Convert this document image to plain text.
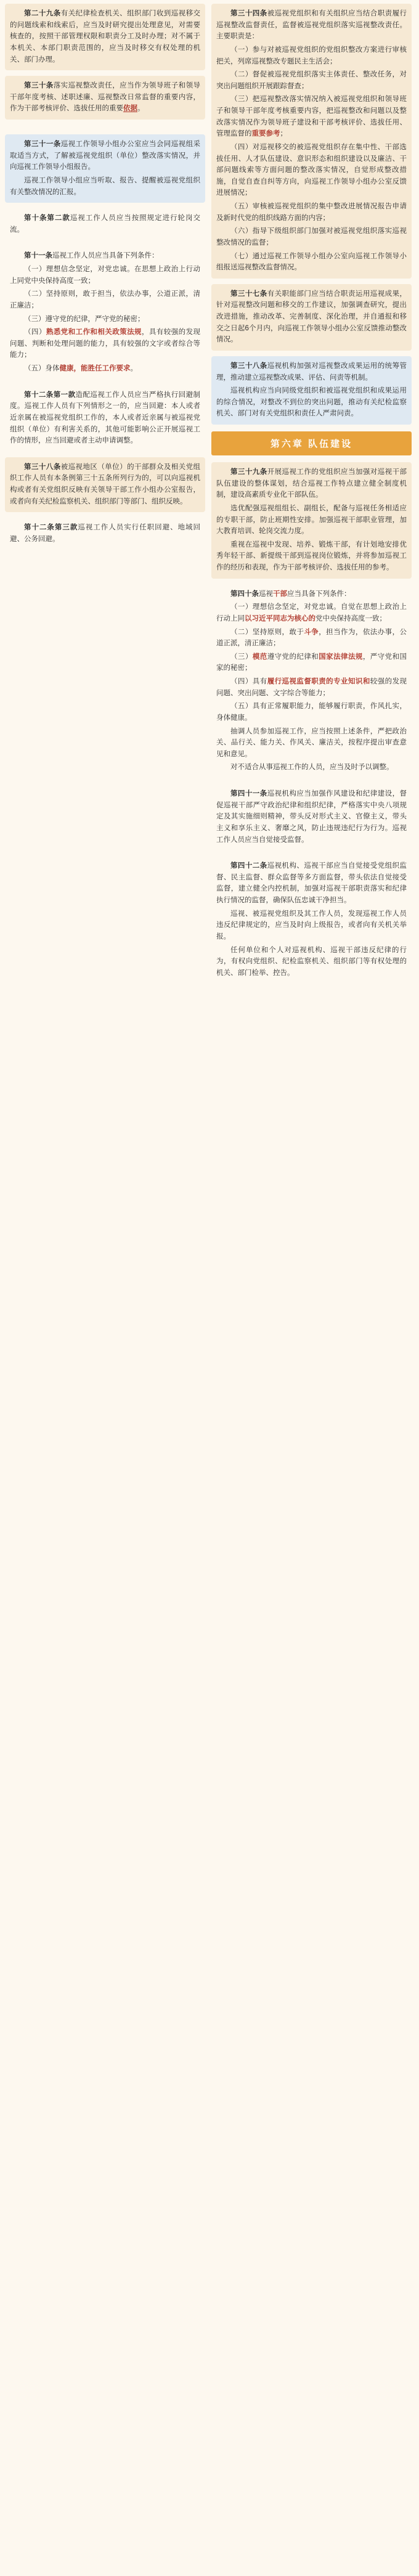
第二十九条有关纪律检查机关、组织部门收到巡视移交的问题线索和线索后，应当及时研究提出处理意见，对需要核查的，按照干部管理权限和职责分工及时办理；对不属于本机关、本部门职责范围的，应当及时移交有权处理的机关、部门办理。

第三十条落实巡视整改责任，应当作为领导班子和领导干部年度考核、述职述廉、巡视整改日常监督的重要内容，作为干部考核评价、选拔任用的重要依据。

第三十一条巡视工作领导小组办公室应当会同巡视组采取适当方式，了解被巡视党组织（单位）整改落实情况，并向巡视工作领导小组报告。

巡视工作领导小组应当听取、报告、提醒被巡视党组织有关整改情况的汇报。

第十条第二款巡视工作人员应当按照规定进行轮岗交流。

第十一条巡视工作人员应当具备下列条件：

（一）理想信念坚定，对党忠诚。在思想上政治上行动上同党中央保持高度一致；

（二）坚持原则，敢于担当，依法办事，公道正派，清正廉洁；

（三）遵守党的纪律，严守党的秘密；

（四）熟悉党和工作和相关政策法规，具有较强的发现问题、判断和处理问题的能力，具有较强的文字或者综合等能力；

（五）身体健康，能胜任工作要求。

第十二条第一款造配巡视工作人员应当严格执行回避制度。巡视工作人员有下列情形之一的，应当回避：本人或者近亲属在被巡视党组织工作的，本人或者近亲属与被巡视党组织（单位）有利害关系的，其他可能影响公正开展巡视工作的情形，应当回避或者主动申请调整。

第三十八条被巡视地区（单位）的干部群众及相关党组织工作人员有本条例第三十五条所列行为的，可以向巡视机构或者有关党组织反映有关领导干部工作小组办公室报告，或者向有关纪检监察机关、组织部门等部门、组织反映。

第十二条第三款巡视工作人员实行任职回避、地域回避、公务回避。

第三十四条被巡视党组织和有关组织应当结合职责履行巡视整改监督责任，监督被巡视党组织落实巡视整改责任。主要职责是：

（一）参与对被巡视党组织的党组织整改方案进行审核把关，列席巡视整改专题民主生活会；

（二）督促被巡视党组织落实主体责任、整改任务，对突出问题组织开展跟踪督查；

（三）把巡视整改落实情况纳入被巡视党组织和领导班子和领导干部年度考核重要内容，把巡视整改和问题以及整改落实情况作为领导班子建设和干部考核评价、选拔任用、管理监督的重要参考；

（四）对巡视移交的被巡视党组织存在集中性、干部选拔任用、人才队伍建设、意识形态和组织建设以及廉洁、干部问题线索等方面问题的整改落实情况，自觉形成整改措施，自觉自查自纠等方向，向巡视工作领导小组办公室反馈进展情况；

（五）审核被巡视党组织的集中整改进展情况报告申请及新时代党的组织线路方面的内容；

（六）指导下级组织部门加强对被巡视党组织落实巡视整改情况的监督；

（七）通过巡视工作领导小组办公室向巡视工作领导小组报送巡视整改监督情况。

第三十七条有关职能部门应当结合职责运用巡视成果，针对巡视整改问题和移交的工作建议，加强调查研究，提出改进措施，推动改革、完善制度、深化治理，并自通报和移交之日起6个月内，向巡视工作领导小组办公室反馈推动整改情况。

第三十八条巡视机构加强对巡视整改成果运用的统筹管理，推动建立巡视整改成果、评估、问责等机制。

巡视机构应当向同级党组织和被巡视党组织和成果运用的综合情况，对整改不到位的突出问题，推动有关纪检监察机关、部门对有关党组织和责任人严肃问责。

第六章 队伍建设

第三十九条开展巡视工作的党组织应当加强对巡视干部队伍建设的整体谋划，结合巡视工作特点建立健全制度机制，建设高素质专业化干部队伍。

选优配强巡视组组长、副组长，配备与巡视任务相适应的专职干部，防止班期性安排。加强巡视干部职业管理，加大教育培训、轮岗交流力度。

重视在巡视中发现、培养、锻炼干部，有计划地安排优秀年轻干部、新提级干部到巡视岗位锻炼，并将参加巡视工作的经历和表现，作为干部考核评价、选拔任用的参考。

第四十条巡视干部应当具备下列条件：

（一）理想信念坚定，对党忠诚。自觉在思想上政治上行动上同以习近平同志为核心的党中央保持高度一致；

（二）坚持原则，敢于斗争，担当作为，依法办事，公道正派，清正廉洁；

（三）模范遵守党的纪律和国家法律法规，严守党和国家的秘密；

（四）具有履行巡视监督职责的专业知识和较强的发现问题、突出问题、文字综合等能力；

（五）具有正常履职能力，能够履行职责，作风扎实，身体健康。

抽调人员参加巡视工作，应当按照上述条件，严把政治关、品行关、能力关、作风关、廉洁关，按程序提出审查意见和意见。

对不适合从事巡视工作的人员，应当及时予以调整。

第四十一条巡视机构应当加强作风建设和纪律建设，督促巡视干部严守政治纪律和组织纪律，严格落实中央八项规定及其实施细则精神，带头反对形式主义、官僚主义，带头主义和享乐主义、奢靡之风，防止违规违纪行为行为。巡视工作人员应当自觉接受监督。

第四十二条巡视机构、巡视干部应当自觉接受党组织监督、民主监督、群众监督等多方面监督，带头依法自觉接受监督，建立健全内控机制，加强对巡视干部职责落实和纪律执行情况的监督，确保队伍忠诚干净担当。

巡视、被巡视党组织及其工作人员，发现巡视工作人员违反纪律规定的，应当及时向上级报告，或者向有关机关举报。

任何单位和个人对巡视机构、巡视干部违反纪律的行为，有权向党组织、纪检监察机关、组织部门等有权处理的机关、部门检举、控告。
